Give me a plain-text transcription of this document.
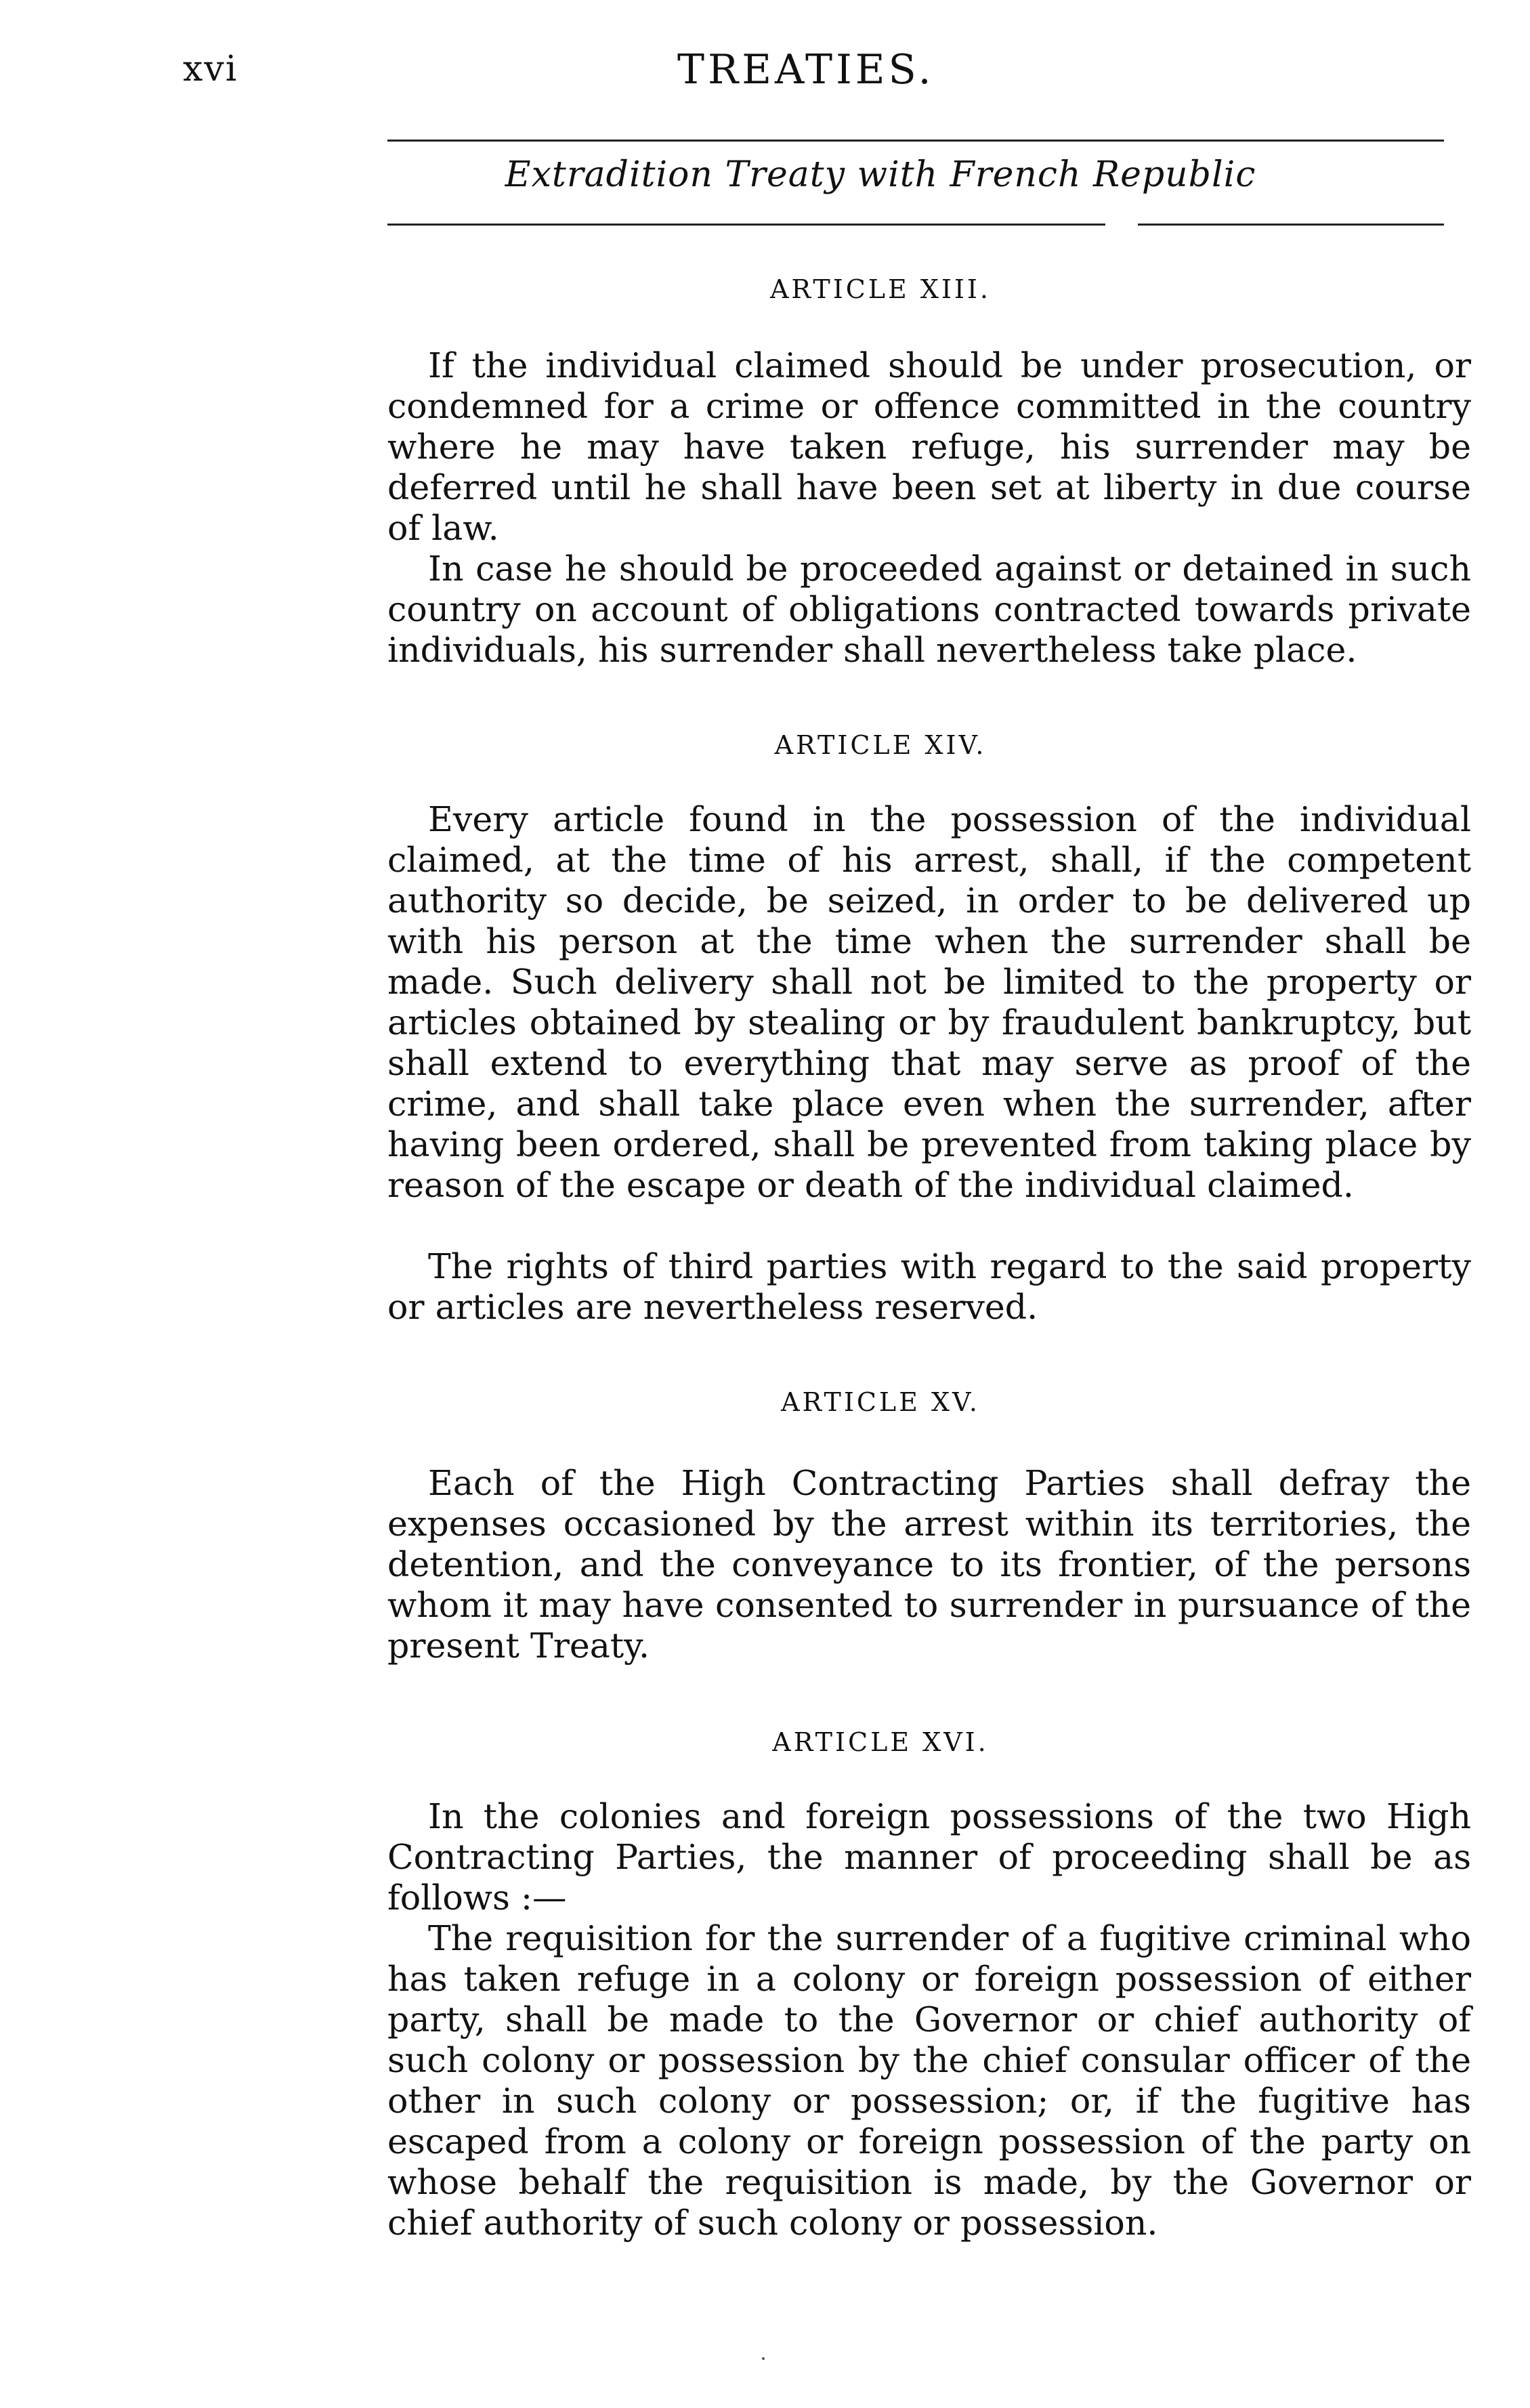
xvi	TREATIES.
Extradition Treaty with French Republic
ARTICLE XIII.

If the individual claimed should be under prosecution, or condemned for a crime or offence committed in the country where he may have taken refuge, his surrender may be deferred until he shall have been set at liberty in due course of law.

In case he should be proceeded against or detained in such country on account of obligations contracted towards private individuals, his surrender shall nevertheless take place.

ARTICLE XIV.

Every article found in the possession of the individual claimed, at the time of his arrest, shall, if the competent authority so decide, be seized, in order to be delivered up with his person at the time when the surrender shall be made. Such delivery shall not be limited to the property or articles obtained by stealing or by fraudulent bankruptcy, but shall extend to everything that may serve as proof of the crime, and shall take place even when the surrender, after having been ordered, shall be prevented from taking place by reason of the escape or death of the individual claimed.

The rights of third parties with regard to the said property or articles are nevertheless reserved.

ARTICLE XV.

Each of the High Contracting Parties shall defray the expenses occasioned by the arrest within its territories, the detention, and the conveyance to its frontier, of the persons whom it may have consented to surrender in pursuance of the present Treaty.

ARTICLE XVI.

In the colonies and foreign possessions of the two High Contracting Parties, the manner of proceeding shall be as follows :—

The requisition for the surrender of a fugitive criminal who has taken refuge in a colony or foreign possession of either party, shall be made to the Governor or chief authority of such colony or possession by the chief consular officer of the other in such colony or possession; or, if the fugitive has escaped from a colony or foreign possession of the party on whose behalf the requisition is made, by the Governor or chief authority of such colony or possession.
